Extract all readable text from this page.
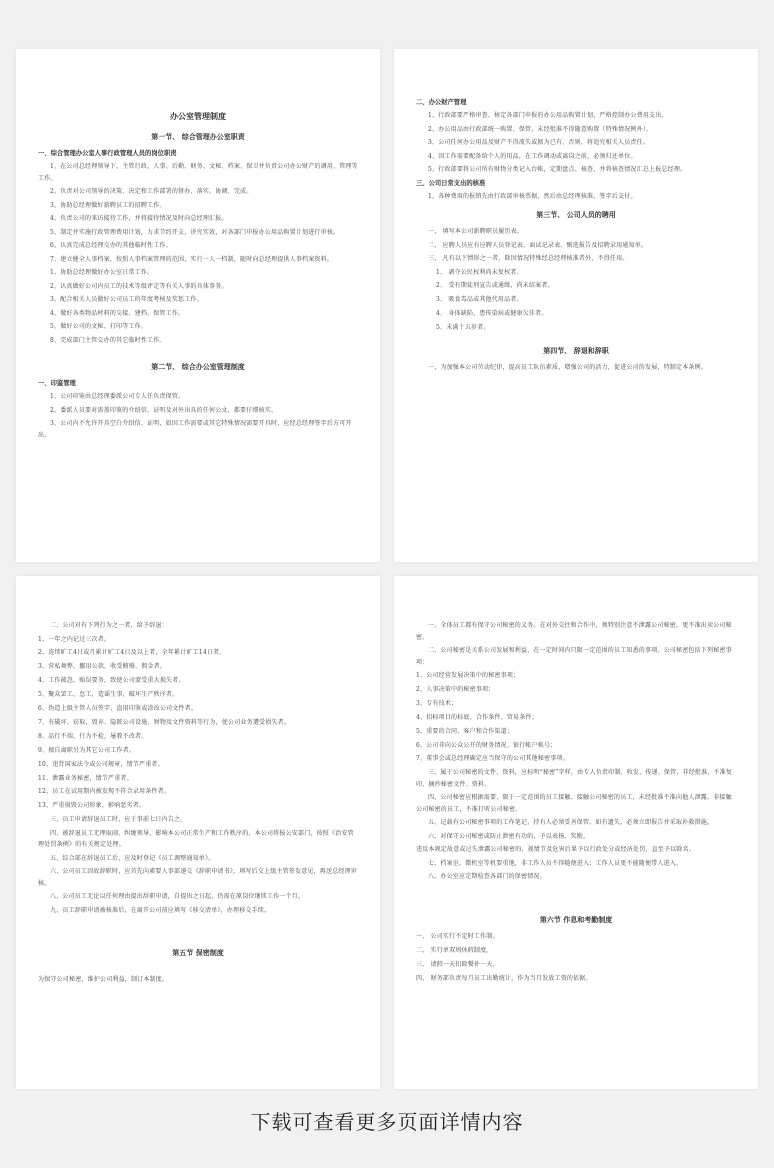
办公室管理制度
第一节、 综合管理办公室职责
一、综合管理办公室人事行政管理人员的岗位职责
1、在公司总经理领导下，主管行政、人事、后勤、财务、文秘、档案、保卫并负责公司办公财产的调用、管理等工作。
2、负责对公司领导的决策、决定和工作部署的督办、落实、协调、完成。
3、协助总经理做好新聘员工的招聘工作。
4、负责公司的来访接待工作，并将接待情况及时向总经理汇报。
5、制定并实施行政管理费用计划，力求节约开支，讲究实效，对各部门申报办公用品购置计划进行审核。
6、认真完成总经理交办的其他临时性工作。
7、建立健全人事档案，按照人事档案管理的范围，实行一人一档制，随时向总经理提供人事档案资料。
1、协助总经理做好办公室日常工作。
2、认真做好公司内员工的技术等级评定等有关人事的具体事务。
3、配合相关人员做好公司员工的年度考核及奖惩工作。
4、做好各类物品材料的交接、建档、保管工作。
5、做好公司的文秘、打印等工作。
8、完成部门主管交办的其它临时性工作。
第二节、 综合办公室管理制度
一、印鉴管理
1、公司印鉴由总经理委派公司专人任负责保管。
2、委派人员要对需盖印鉴的介绍信、证明及对外出具的任何公文，都要仔细核实。
3、公司内不允许开具空白介绍信、证明，如因工作需要或其它特殊情况需要开具时，应经总经理签字后方可开出。
二、办公财产管理
1、行政部要严格审查、核定各部门申报的办公用品购置计划，严格控制办公费用支出。
2、办公用品由行政部统一购置、保管，未经批准不得随意购置（特殊情况例外）。
3、公司任何办公用品及财产不得流失或据为已有，否则，将追究相关人员责任。
4、因工作需要配备给个人的用品，在工作调动或离岗之前，必须归还单位。
5、行政部要将公司所有财物分类记入台帐，定期盘点、核查，并将核查情况汇总上报总经理。
三、公司日常支出的核准
1、各种费用的报销先由行政部审核票据，然后由总经理核准、签字后支付。
第三节、 公司人员的聘用
一、 填写本公司新聘职员履历表。
二、 应聘人员应有应聘人员登记表、面试记录表、甄选报告及招聘录用通知单。
三、 凡有以下情形之一者，除因情况特殊经总经理核准者外，不得任用。
1、 剥夺公民权利尚未复权者。
2、 受有期徒刑宣告或通缉，尚未结案者。
3、 吸食毒品或其他代用品者。
4、 身体缺陷、患传染病或健康欠佳者。
5、未满十五岁者。
第四节、 辞退和辞职
一、为加强本公司劳动纪律，提高员工队伍素质，增强公司的活力，促进公司的发展，特制定本条例。
二、公司对有下列行为之一者，给予辞退：
1、一年之内记过三次者。
2、连续旷工4日或月累计旷工4日及以上者，全年累计旷工14日者。
3、营私舞弊，挪用公款，收受贿赂、佣金者。
4、工作疏忽，贻误要务，致使公司蒙受重大损失者。
5、聚众罢工，怠工，造谣生事，破坏生产秩序者。
6、伪造上级主管人员签字，盗用印鉴或涂改公司文件者。
7、有破坏、窃取、毁弃、隐匿公司设施、财物及文件资料等行为，使公司业务遭受损失者。
8、品行不端、行为不检，屡教不改者。
9、擅自离职另为其它公司工作者。
10、违背国家法令或公司规章，情节严重者。
11、泄露业务秘密，情节严重者。
12、员工在试用期内被发现不符合录用条件者。
13、严重损毁公司形象，影响恶劣者。
三、员工申请辞退员工时，应于事前七日内告之。
四、被辞退员工无理取闹、纠缠领导，影响本公司正常生产和工作秩序的，本公司将报公安部门，按照《治安管理处罚条例》的有关规定处理。
五、综合部在辞退员工后，应及时登记《员工调整通知单》。
六、公司员工因故辞职时，应首先向素要人事部递交《辞职申请书》，填写后交上级主管签发意见，再送总经理审核。
八、公司员工无论以任何理由提出辞职申请，自提出之日起，仍需在原岗位继续工作一个月。
九、员工辞职申请被核准后，在离开公司前应填写《移交清单》，办理移交手续。
第五节 保密制度
为保守公司秘密，维护公司利益，制订本制度。
一、全体员工都有保守公司秘密的义务。在对外交往和合作中，须特别注意不泄露公司秘密，更不准出卖公司秘密。
二、公司秘密是关系公司发展和利益，在一定时间内只限一定范围的员工知悉的事项。公司秘密包括下列秘密事项：
1、公司经营发展决策中的秘密事项；
2、人事决策中的秘密事项；
3、专有技术；
4、招标项目的标底、合作条件、贸易条件；
5、重要的合同、客户和合作渠道；
6、公司非向公众公开的财务情况、银行帐户帐号；
7、董事会或总经理确定应当保守的公司其他秘密事项。
三、属于公司秘密的文件、资料，应标明“秘密”字样，由专人负责印制、收发、传递、保管，非经批准，不准复印、摘抄秘密文件、资料。
四、公司秘密应根据需要，限于一定范围的员工接触。接触公司秘密的员工，未经批准不准向他人泄露。非接触公司秘密的员工，不准打听公司秘密。
五、记载有公司秘密事项的工作笔记，持有人必须妥善保管。如有遗失，必须立即报告并采取补救措施。
六、对保守公司秘密或防止泄密有功的，予以表扬、奖励。
违反本规定故意或过失泄露公司秘密的，视情节及危害后果予以行政处分或经济处罚，直至予以除名。
七、档案室、微机室等机要重地，非工作人员不得随便进入；工作人员更不能随便带人进入。
八、办公室应定期检查各部门的保密情况。
第六节 作息和考勤制度
一、 公司实行不定时工作制。
二、 实行单双周休假制度。
三、 请假一天扣除餐补一天。
四、 财务部负责每月员工出勤统计，作为当月发放工资的依据。
下载可查看更多页面详情内容
